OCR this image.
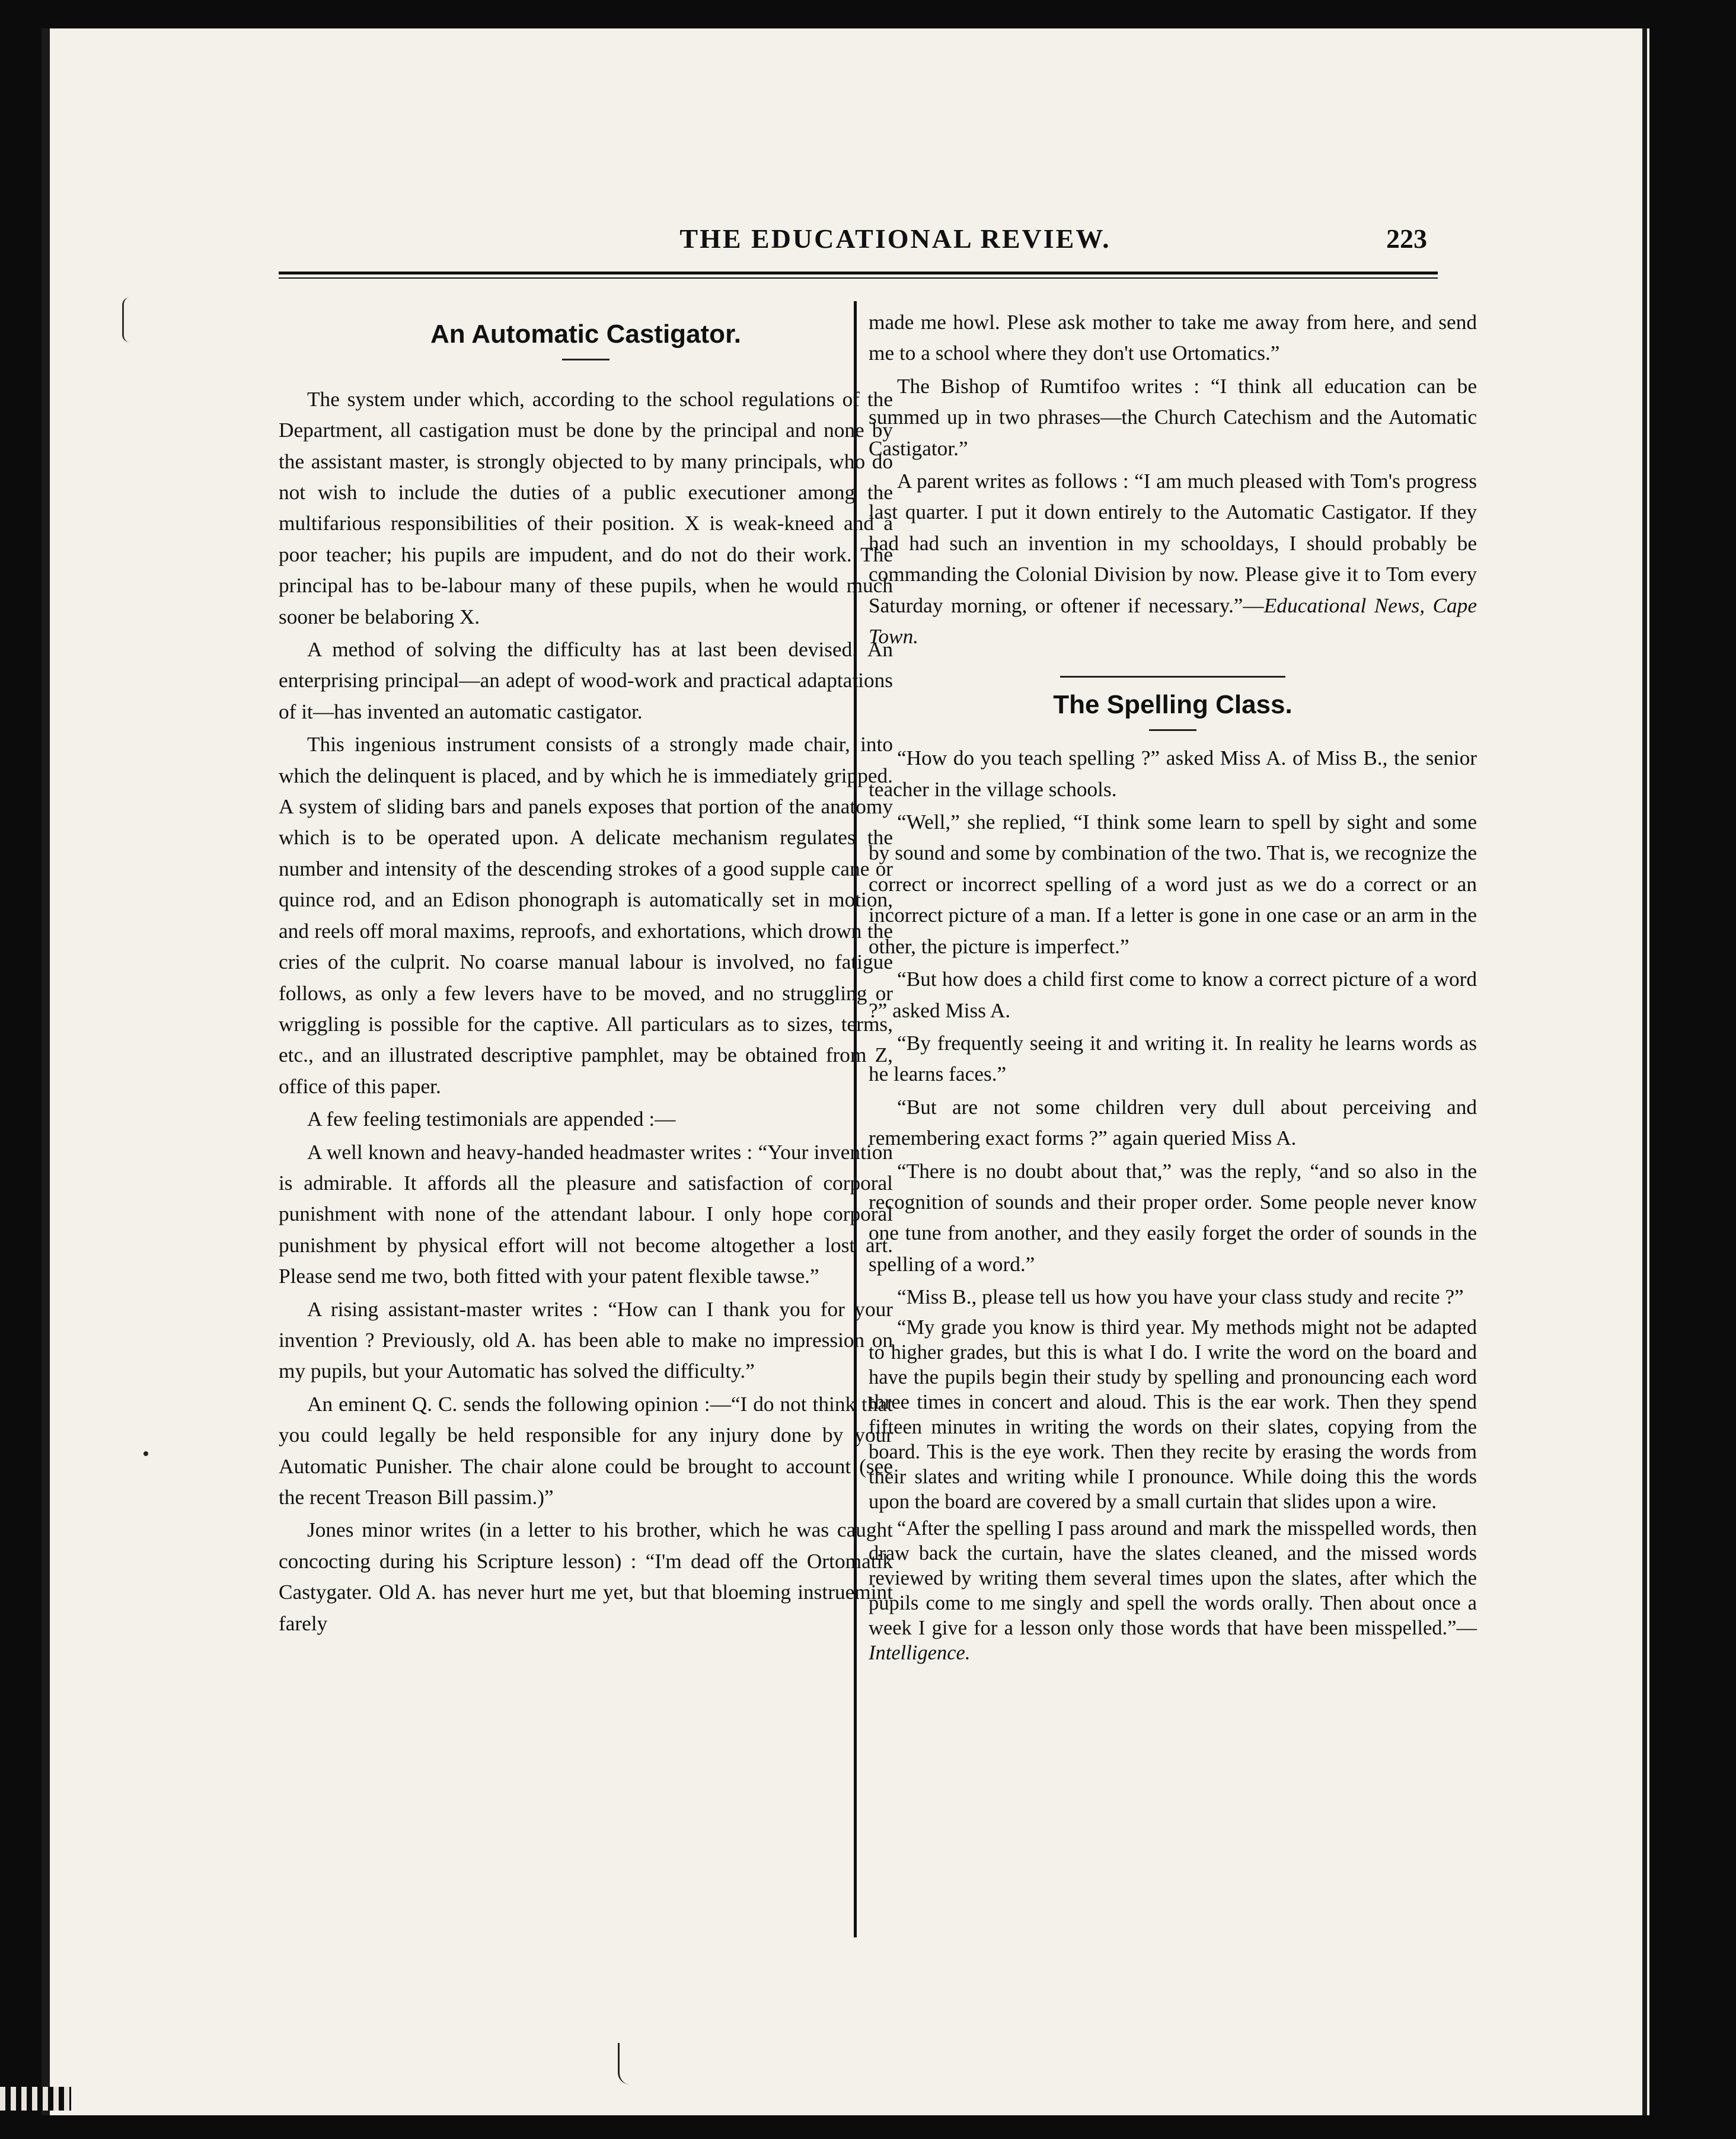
THE EDUCATIONAL REVIEW.	223
An Automatic Castigator.

The system under which, according to the school regulations of the Department, all castigation must be done by the principal and none by the assistant master, is strongly objected to by many principals, who do not wish to include the duties of a public executioner among the multifarious responsibilities of their position. X is weak-kneed and a poor teacher; his pupils are impudent, and do not do their work. The principal has to be-labour many of these pupils, when he would much sooner be belaboring X.

A method of solving the difficulty has at last been devised. An enterprising principal—an adept of wood-work and practical adaptations of it—has invented an automatic castigator.

This ingenious instrument consists of a strongly made chair, into which the delinquent is placed, and by which he is immediately gripped. A system of sliding bars and panels exposes that portion of the anatomy which is to be operated upon. A delicate mechanism regulates the number and intensity of the descending strokes of a good supple cane or quince rod, and an Edison phonograph is automatically set in motion, and reels off moral maxims, reproofs, and exhortations, which drown the cries of the culprit. No coarse manual labour is involved, no fatigue follows, as only a few levers have to be moved, and no struggling or wriggling is possible for the captive. All particulars as to sizes, terms, etc., and an illustrated descriptive pamphlet, may be obtained from Z, office of this paper.

A few feeling testimonials are appended :—

A well known and heavy-handed headmaster writes : “Your invention is admirable. It affords all the pleasure and satisfaction of corporal punishment with none of the attendant labour. I only hope corporal punishment by physical effort will not become altogether a lost art. Please send me two, both fitted with your patent flexible tawse.”

A rising assistant-master writes : “How can I thank you for your invention ? Previously, old A. has been able to make no impression on my pupils, but your Automatic has solved the difficulty.”

An eminent Q. C. sends the following opinion :—“I do not think that you could legally be held responsible for any injury done by your Automatic Punisher. The chair alone could be brought to account (see the recent Treason Bill passim.)”

Jones minor writes (in a letter to his brother, which he was caught concocting during his Scripture lesson) : “I'm dead off the Ortomatik Castygater. Old A. has never hurt me yet, but that bloeming instruemint farely

made me howl. Plese ask mother to take me away from here, and send me to a school where they don't use Ortomatics.”

The Bishop of Rumtifoo writes : “I think all education can be summed up in two phrases—the Church Catechism and the Automatic Castigator.”

A parent writes as follows : “I am much pleased with Tom's progress last quarter. I put it down entirely to the Automatic Castigator. If they had had such an invention in my schooldays, I should probably be commanding the Colonial Division by now. Please give it to Tom every Saturday morning, or oftener if necessary.”—Educational News, Cape Town.

The Spelling Class.

“How do you teach spelling ?” asked Miss A. of Miss B., the senior teacher in the village schools.

“Well,” she replied, “I think some learn to spell by sight and some by sound and some by combination of the two. That is, we recognize the correct or incorrect spelling of a word just as we do a correct or an incorrect picture of a man. If a letter is gone in one case or an arm in the other, the picture is imperfect.”

“But how does a child first come to know a correct picture of a word ?” asked Miss A.

“By frequently seeing it and writing it. In reality he learns words as he learns faces.”

“But are not some children very dull about perceiving and remembering exact forms ?” again queried Miss A.

“There is no doubt about that,” was the reply, “and so also in the recognition of sounds and their proper order. Some people never know one tune from another, and they easily forget the order of sounds in the spelling of a word.”

“Miss B., please tell us how you have your class study and recite ?”

“My grade you know is third year. My methods might not be adapted to higher grades, but this is what I do. I write the word on the board and have the pupils begin their study by spelling and pronouncing each word three times in concert and aloud. This is the ear work. Then they spend fifteen minutes in writing the words on their slates, copying from the board. This is the eye work. Then they recite by erasing the words from their slates and writing while I pronounce. While doing this the words upon the board are covered by a small curtain that slides upon a wire.

“After the spelling I pass around and mark the misspelled words, then draw back the curtain, have the slates cleaned, and the missed words reviewed by writing them several times upon the slates, after which the pupils come to me singly and spell the words orally. Then about once a week I give for a lesson only those words that have been misspelled.”—Intelligence.
